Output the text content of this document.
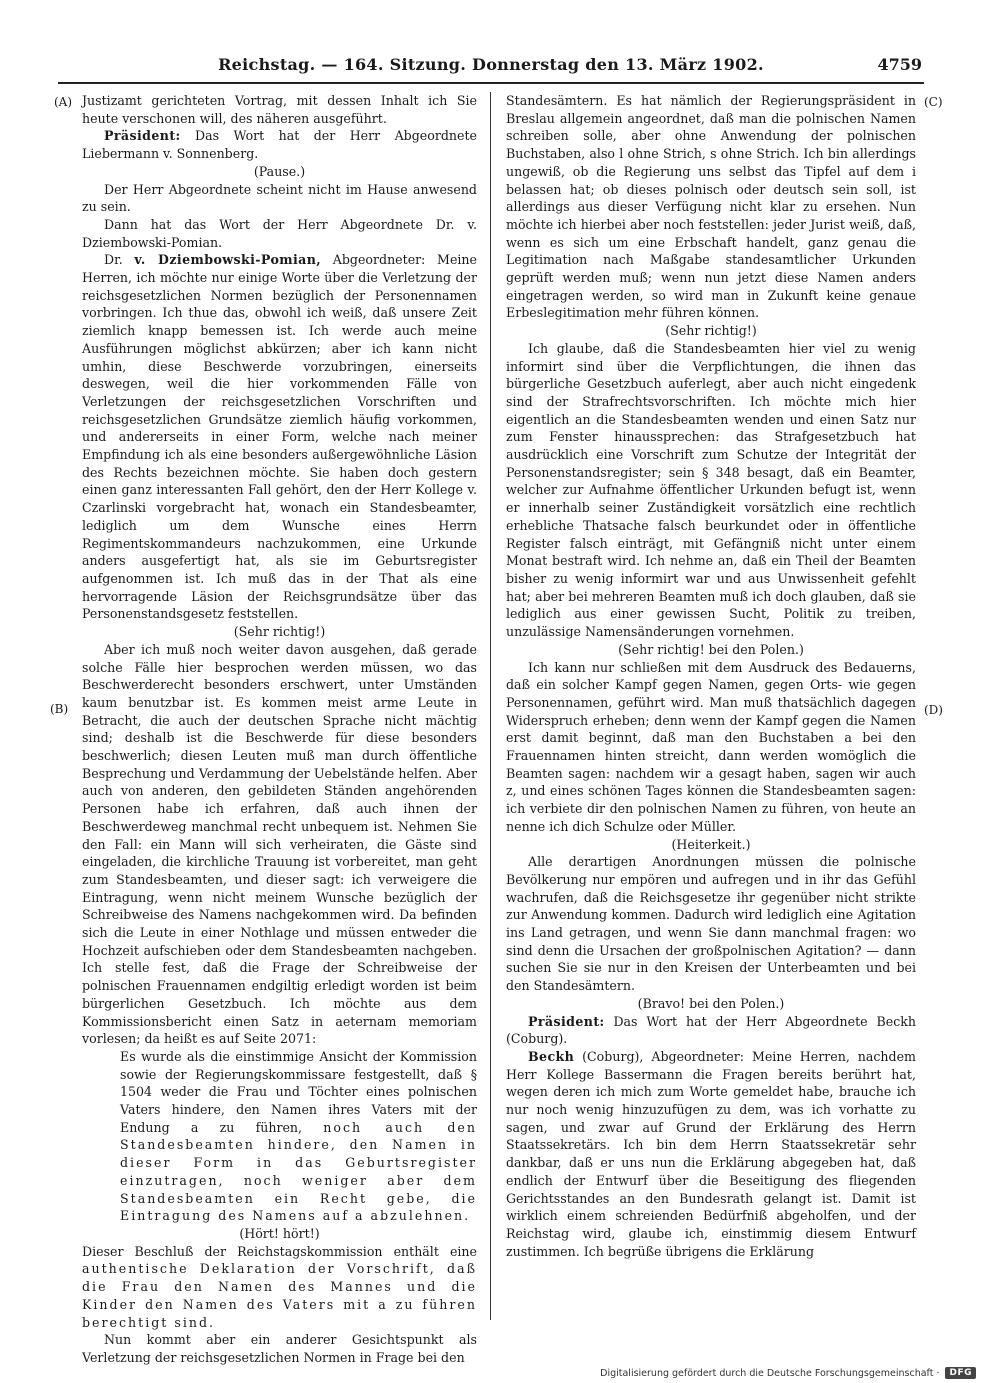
Reichstag. — 164. Sitzung. Donnerstag den 13. März 1902.	4759
(A)
(B)
(C)
(D)

Justizamt gerichteten Vortrag, mit dessen Inhalt ich Sie heute verschonen will, des näheren ausgeführt.

Präsident: Das Wort hat der Herr Abgeordnete Liebermann v. Sonnenberg.

(Pause.)

Der Herr Abgeordnete scheint nicht im Hause anwesend zu sein.

Dann hat das Wort der Herr Abgeordnete Dr. v. Dziembowski-Pomian.

Dr. v. Dziembowski-Pomian, Abgeordneter: Meine Herren, ich möchte nur einige Worte über die Verletzung der reichsgesetzlichen Normen bezüglich der Personennamen vorbringen. Ich thue das, obwohl ich weiß, daß unsere Zeit ziemlich knapp bemessen ist. Ich werde auch meine Ausführungen möglichst abkürzen; aber ich kann nicht umhin, diese Beschwerde vorzubringen, einerseits deswegen, weil die hier vorkommenden Fälle von Verletzungen der reichsgesetzlichen Vorschriften und reichsgesetzlichen Grundsätze ziemlich häufig vorkommen, und andererseits in einer Form, welche nach meiner Empfindung ich als eine besonders außergewöhnliche Läsion des Rechts bezeichnen möchte. Sie haben doch gestern einen ganz interessanten Fall gehört, den der Herr Kollege v. Czarlinski vorgebracht hat, wonach ein Standesbeamter, lediglich um dem Wunsche eines Herrn Regimentskommandeurs nachzukommen, eine Urkunde anders ausgefertigt hat, als sie im Geburtsregister aufgenommen ist. Ich muß das in der That als eine hervorragende Läsion der Reichsgrundsätze über das Personenstandsgesetz feststellen.

(Sehr richtig!)

Aber ich muß noch weiter davon ausgehen, daß gerade solche Fälle hier besprochen werden müssen, wo das Beschwerderecht besonders erschwert, unter Umständen kaum benutzbar ist. Es kommen meist arme Leute in Betracht, die auch der deutschen Sprache nicht mächtig sind; deshalb ist die Beschwerde für diese besonders beschwerlich; diesen Leuten muß man durch öffentliche Besprechung und Verdammung der Uebelstände helfen. Aber auch von anderen, den gebildeten Ständen angehörenden Personen habe ich erfahren, daß auch ihnen der Beschwerdeweg manchmal recht unbequem ist. Nehmen Sie den Fall: ein Mann will sich verheiraten, die Gäste sind eingeladen, die kirchliche Trauung ist vorbereitet, man geht zum Standesbeamten, und dieser sagt: ich verweigere die Eintragung, wenn nicht meinem Wunsche bezüglich der Schreibweise des Namens nachgekommen wird. Da befinden sich die Leute in einer Nothlage und müssen entweder die Hochzeit aufschieben oder dem Standesbeamten nachgeben. Ich stelle fest, daß die Frage der Schreibweise der polnischen Frauennamen endgiltig erledigt worden ist beim bürgerlichen Gesetzbuch. Ich möchte aus dem Kommissionsbericht einen Satz in aeternam memoriam vorlesen; da heißt es auf Seite 2071:

Es wurde als die einstimmige Ansicht der Kommission sowie der Regierungskommissare festgestellt, daß § 1504 weder die Frau und Töchter eines polnischen Vaters hindere, den Namen ihres Vaters mit der Endung a zu führen, noch auch den Standesbeamten hindere, den Namen in dieser Form in das Geburtsregister einzutragen, noch weniger aber dem Standesbeamten ein Recht gebe, die Eintragung des Namens auf a abzulehnen.

(Hört! hört!)

Dieser Beschluß der Reichstagskommission enthält eine authentische Deklaration der Vorschrift, daß die Frau den Namen des Mannes und die Kinder den Namen des Vaters mit a zu führen berechtigt sind.

Nun kommt aber ein anderer Gesichtspunkt als Verletzung der reichsgesetzlichen Normen in Frage bei den

Standesämtern. Es hat nämlich der Regierungspräsident in Breslau allgemein angeordnet, daß man die polnischen Namen schreiben solle, aber ohne Anwendung der polnischen Buchstaben, also l ohne Strich, s ohne Strich. Ich bin allerdings ungewiß, ob die Regierung uns selbst das Tipfel auf dem i belassen hat; ob dieses polnisch oder deutsch sein soll, ist allerdings aus dieser Verfügung nicht klar zu ersehen. Nun möchte ich hierbei aber noch feststellen: jeder Jurist weiß, daß, wenn es sich um eine Erbschaft handelt, ganz genau die Legitimation nach Maßgabe standesamtlicher Urkunden geprüft werden muß; wenn nun jetzt diese Namen anders eingetragen werden, so wird man in Zukunft keine genaue Erbeslegitimation mehr führen können.

(Sehr richtig!)

Ich glaube, daß die Standesbeamten hier viel zu wenig informirt sind über die Verpflichtungen, die ihnen das bürgerliche Gesetzbuch auferlegt, aber auch nicht eingedenk sind der Strafrechtsvorschriften. Ich möchte mich hier eigentlich an die Standesbeamten wenden und einen Satz nur zum Fenster hinaussprechen: das Strafgesetzbuch hat ausdrücklich eine Vorschrift zum Schutze der Integrität der Personenstandsregister; sein § 348 besagt, daß ein Beamter, welcher zur Aufnahme öffentlicher Urkunden befugt ist, wenn er innerhalb seiner Zuständigkeit vorsätzlich eine rechtlich erhebliche Thatsache falsch beurkundet oder in öffentliche Register falsch einträgt, mit Gefängniß nicht unter einem Monat bestraft wird. Ich nehme an, daß ein Theil der Beamten bisher zu wenig informirt war und aus Unwissenheit gefehlt hat; aber bei mehreren Beamten muß ich doch glauben, daß sie lediglich aus einer gewissen Sucht, Politik zu treiben, unzulässige Namensänderungen vornehmen.

(Sehr richtig! bei den Polen.)

Ich kann nur schließen mit dem Ausdruck des Bedauerns, daß ein solcher Kampf gegen Namen, gegen Orts- wie gegen Personennamen, geführt wird. Man muß thatsächlich dagegen Widerspruch erheben; denn wenn der Kampf gegen die Namen erst damit beginnt, daß man den Buchstaben a bei den Frauennamen hinten streicht, dann werden womöglich die Beamten sagen: nachdem wir a gesagt haben, sagen wir auch z, und eines schönen Tages können die Standesbeamten sagen: ich verbiete dir den polnischen Namen zu führen, von heute an nenne ich dich Schulze oder Müller.

(Heiterkeit.)

Alle derartigen Anordnungen müssen die polnische Bevölkerung nur empören und aufregen und in ihr das Gefühl wachrufen, daß die Reichsgesetze ihr gegenüber nicht strikte zur Anwendung kommen. Dadurch wird lediglich eine Agitation ins Land getragen, und wenn Sie dann manchmal fragen: wo sind denn die Ursachen der großpolnischen Agitation? — dann suchen Sie sie nur in den Kreisen der Unterbeamten und bei den Standesämtern.

(Bravo! bei den Polen.)

Präsident: Das Wort hat der Herr Abgeordnete Beckh (Coburg).

Beckh (Coburg), Abgeordneter: Meine Herren, nachdem Herr Kollege Bassermann die Fragen bereits berührt hat, wegen deren ich mich zum Worte gemeldet habe, brauche ich nur noch wenig hinzuzufügen zu dem, was ich vorhatte zu sagen, und zwar auf Grund der Erklärung des Herrn Staatssekretärs. Ich bin dem Herrn Staatssekretär sehr dankbar, daß er uns nun die Erklärung abgegeben hat, daß endlich der Entwurf über die Beseitigung des fliegenden Gerichtsstandes an den Bundesrath gelangt ist. Damit ist wirklich einem schreienden Bedürfniß abgeholfen, und der Reichstag wird, glaube ich, einstimmig diesem Entwurf zustimmen. Ich begrüße übrigens die Erklärung

Digitalisierung gefördert durch die Deutsche Forschungsgemeinschaft ·	DFG
